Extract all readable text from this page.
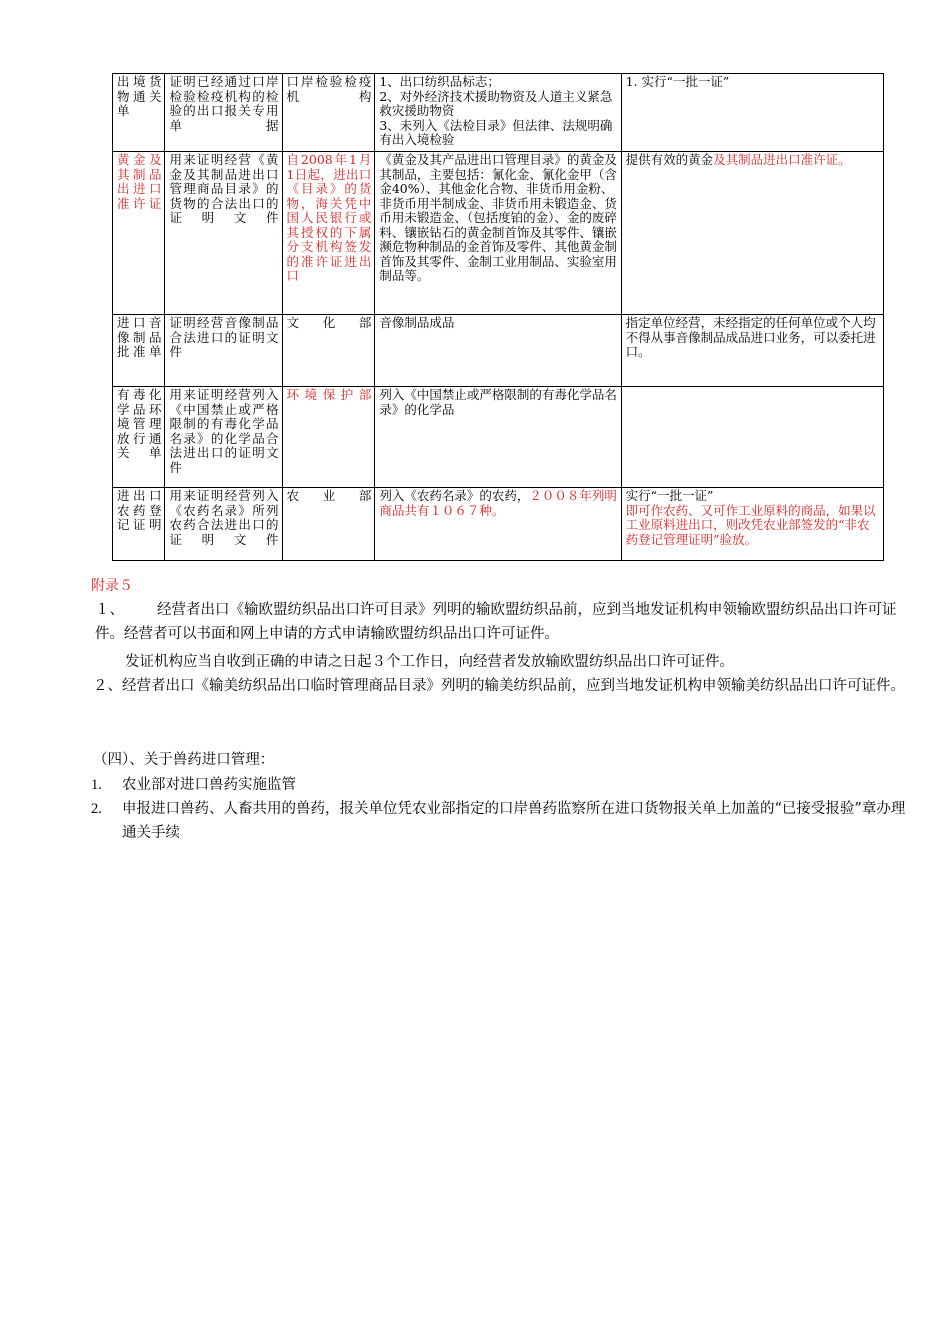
出境货物通关单	证明已经通过口岸检验检疫机构的检验的出口报关专用单据	口岸检验检疫机构	1、出口纺织品标志；
2、对外经济技术援助物资及人道主义紧急救灾援助物资
3、未列入《法检目录》但法律、法规明确有出入境检验	1. 实行“一批一证”
黄金及其制品出进口准许证	用来证明经营《黄金及其制品进出口管理商品目录》的货物的合法出口的证明文件	自2008年1月1日起，进出口《目录》的货物，海关凭中国人民银行或其授权的下属分支机构签发的准许证进出口	《黄金及其产品进出口管理目录》的黄金及其制品，主要包括：氰化金、氰化金甲（含金40%）、其他金化合物、非货币用金粉、非货币用半制成金、非货币用未锻造金、货币用未锻造金、（包括度铂的金）、金的废碎料、镶嵌钻石的黄金制首饰及其零件、镶嵌濒危物种制品的金首饰及零件、其他黄金制首饰及其零件、金制工业用制品、实验室用制品等。	提供有效的黄金及其制品进出口准许证。
进口音像制品批准单	证明经营音像制品合法进口的证明文件	文化部	音像制品成品	指定单位经营，未经指定的任何单位或个人均不得从事音像制品成品进口业务，可以委托进口。
有毒化学品环境管理放行通关单	用来证明经营列入《中国禁止或严格限制的有毒化学品名录》的化学品合法进出口的证明文件	环境保护部	列入《中国禁止或严格限制的有毒化学品名录》的化学品	
进出口农药登记证明	用来证明经营列入《农药名录》所列农药合法进出口的证明文件	农业部	列入《农药名录》的农药，２００８年列明商品共有１０６７种。	实行“一批一证”
即可作农药、又可作工业原料的商品，如果以工业原料进出口，则改凭农业部签发的“非农药登记管理证明”验放。
附录５
１、 经营者出口《输欧盟纺织品出口许可目录》列明的输欧盟纺织品前，应到当地发证机构申领输欧盟纺织品出口许可证件。经营者可以书面和网上申请的方式申请输欧盟纺织品出口许可证件。
发证机构应当自收到正确的申请之日起３个工作日，向经营者发放输欧盟纺织品出口许可证件。
２、经营者出口《输美纺织品出口临时管理商品目录》列明的输美纺织品前，应到当地发证机构申领输美纺织品出口许可证件。
（四）、关于兽药进口管理：
1. 农业部对进口兽药实施监管
2. 申报进口兽药、人畜共用的兽药，报关单位凭农业部指定的口岸兽药监察所在进口货物报关单上加盖的“已接受报验”章办理通关手续
